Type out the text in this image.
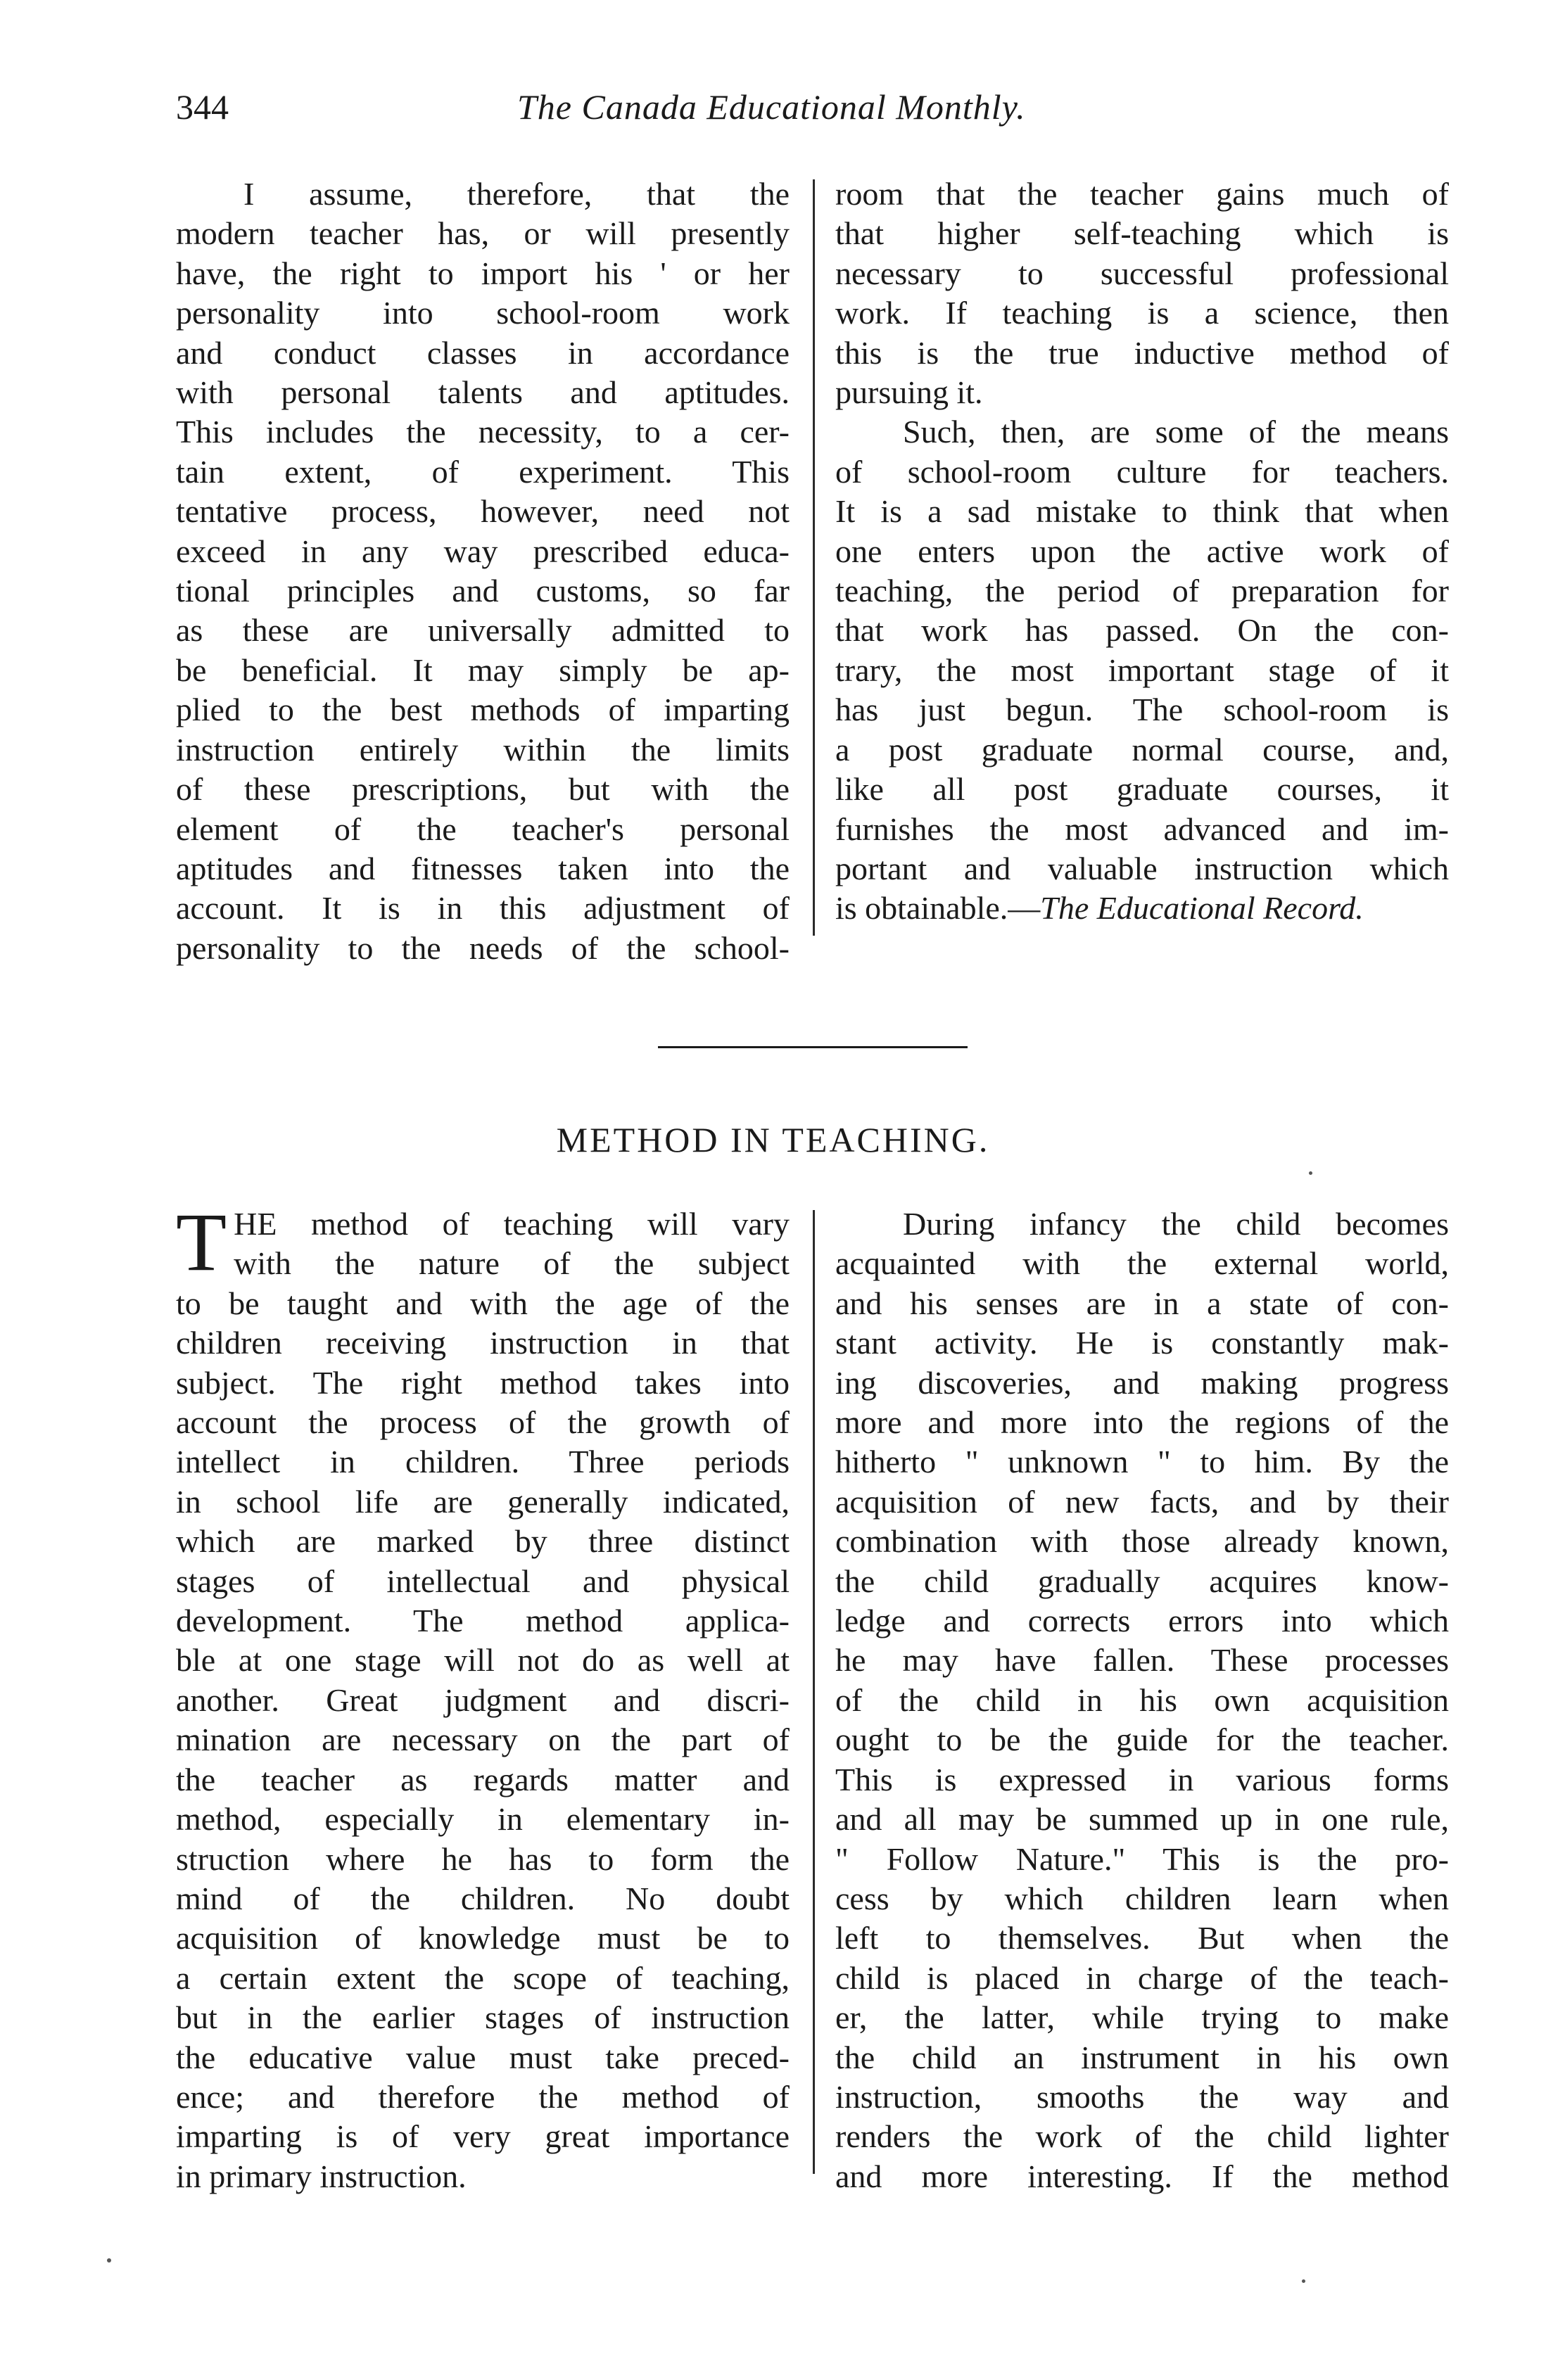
344	The Canada Educational Monthly.
I assume, therefore, that the
modern teacher has, or will presently
have, the right to import his ' or her
personality into school-room work
and conduct classes in accordance
with personal talents and aptitudes.
This includes the necessity, to a cer-
tain extent, of experiment. This
tentative process, however, need not
exceed in any way prescribed educa-
tional principles and customs, so far
as these are universally admitted to
be beneficial. It may simply be ap-
plied to the best methods of imparting
instruction entirely within the limits
of these prescriptions, but with the
element of the teacher's personal
aptitudes and fitnesses taken into the
account. It is in this adjustment of
personality to the needs of the school-
room that the teacher gains much of
that higher self-teaching which is
necessary to successful professional
work. If teaching is a science, then
this is the true inductive method of
pursuing it.
Such, then, are some of the means
of school-room culture for teachers.
It is a sad mistake to think that when
one enters upon the active work of
teaching, the period of preparation for
that work has passed. On the con-
trary, the most important stage of it
has just begun. The school-room is
a post graduate normal course, and,
like all post graduate courses, it
furnishes the most advanced and im-
portant and valuable instruction which
is obtainable.—The Educational Record.
METHOD IN TEACHING.
T HE method of teaching will vary
with the nature of the subject
to be taught and with the age of the
children receiving instruction in that
subject. The right method takes into
account the process of the growth of
intellect in children. Three periods
in school life are generally indicated,
which are marked by three distinct
stages of intellectual and physical
development. The method applica-
ble at one stage will not do as well at
another. Great judgment and discri-
mination are necessary on the part of
the teacher as regards matter and
method, especially in elementary in-
struction where he has to form the
mind of the children. No doubt
acquisition of knowledge must be to
a certain extent the scope of teaching,
but in the earlier stages of instruction
the educative value must take preced-
ence; and therefore the method of
imparting is of very great importance
in primary instruction.
During infancy the child becomes
acquainted with the external world,
and his senses are in a state of con-
stant activity. He is constantly mak-
ing discoveries, and making progress
more and more into the regions of the
hitherto " unknown " to him. By the
acquisition of new facts, and by their
combination with those already known,
the child gradually acquires know-
ledge and corrects errors into which
he may have fallen. These processes
of the child in his own acquisition
ought to be the guide for the teacher.
This is expressed in various forms
and all may be summed up in one rule,
" Follow Nature." This is the pro-
cess by which children learn when
left to themselves. But when the
child is placed in charge of the teach-
er, the latter, while trying to make
the child an instrument in his own
instruction, smooths the way and
renders the work of the child lighter
and more interesting. If the method
